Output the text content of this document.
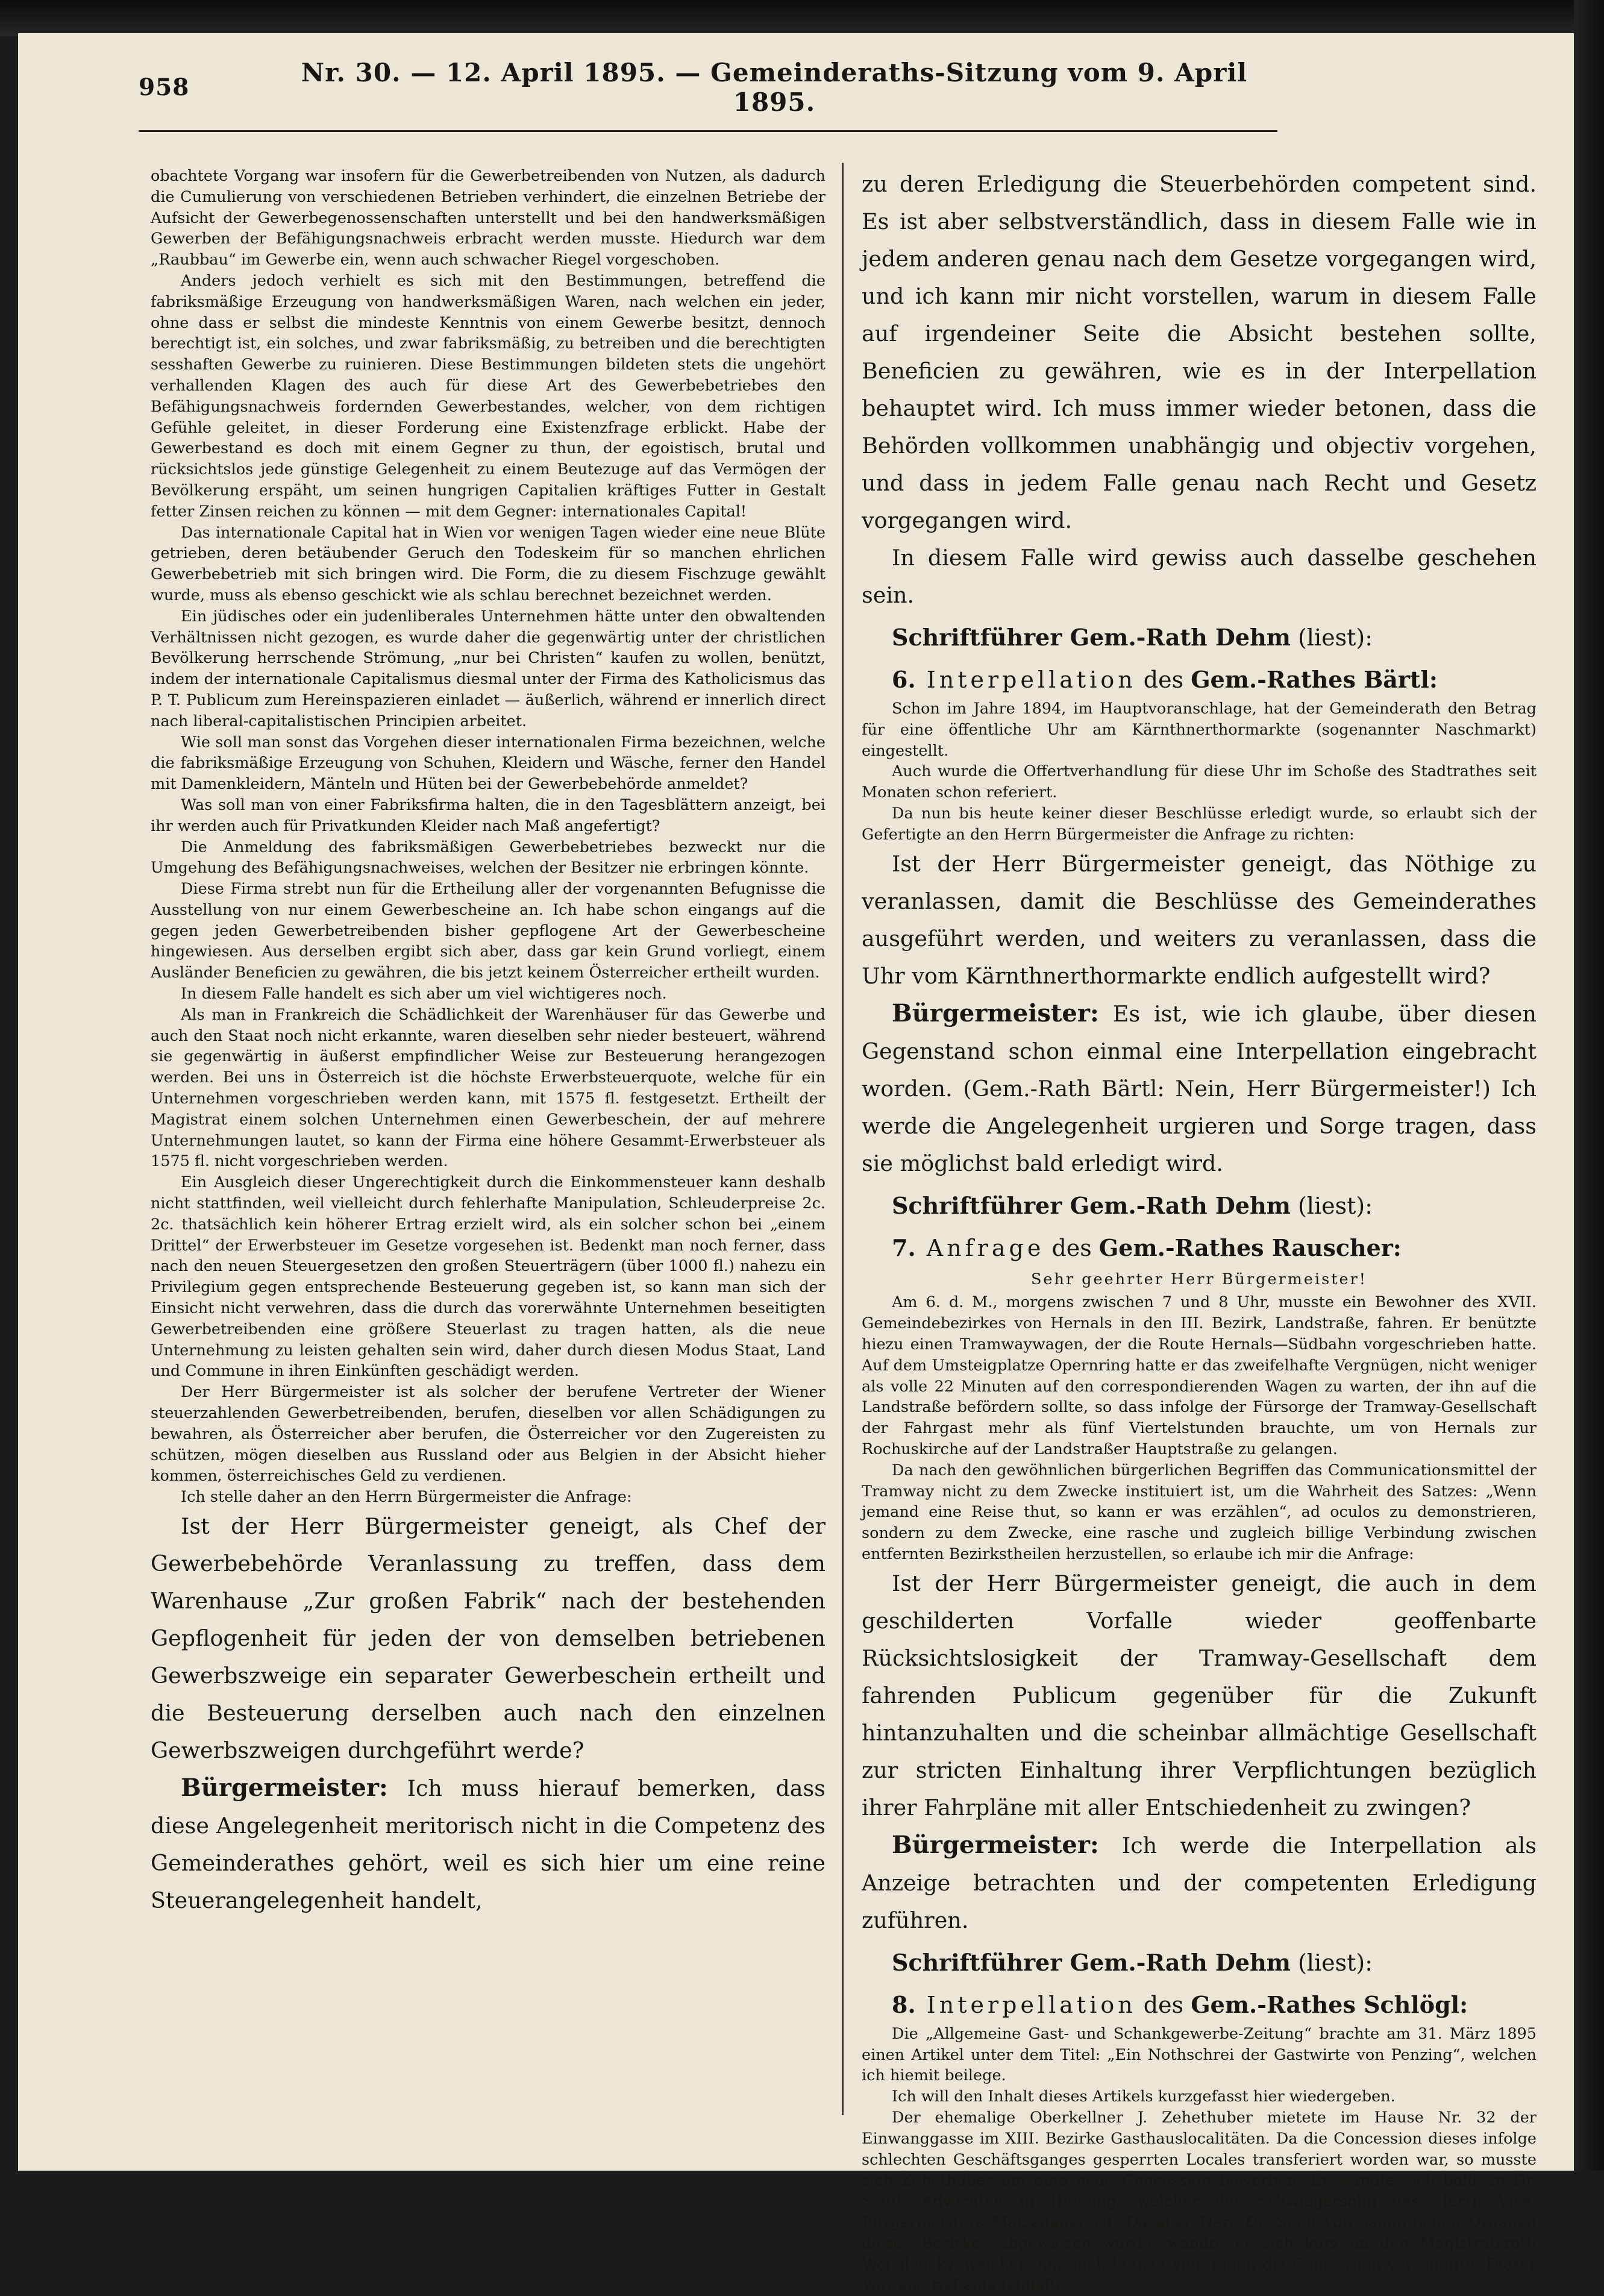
958	Nr. 30. — 12. April 1895. — Gemeinderaths-Sitzung vom 9. April 1895.

obachtete Vorgang war insofern für die Gewerbetreibenden von Nutzen, als dadurch die Cumulierung von verschiedenen Betrieben verhindert, die einzelnen Betriebe der Aufsicht der Gewerbegenossenschaften unterstellt und bei den handwerksmäßigen Gewerben der Befähigungsnachweis erbracht werden musste. Hiedurch war dem „Raubbau“ im Gewerbe ein, wenn auch schwacher Riegel vorgeschoben.

Anders jedoch verhielt es sich mit den Bestimmungen, betreffend die fabriksmäßige Erzeugung von handwerksmäßigen Waren, nach welchen ein jeder, ohne dass er selbst die mindeste Kenntnis von einem Gewerbe besitzt, dennoch berechtigt ist, ein solches, und zwar fabriksmäßig, zu betreiben und die berechtigten sesshaften Gewerbe zu ruinieren. Diese Bestimmungen bildeten stets die ungehört verhallenden Klagen des auch für diese Art des Gewerbebetriebes den Befähigungsnachweis fordernden Gewerbestandes, welcher, von dem richtigen Gefühle geleitet, in dieser Forderung eine Existenzfrage erblickt. Habe der Gewerbestand es doch mit einem Gegner zu thun, der egoistisch, brutal und rücksichtslos jede günstige Gelegenheit zu einem Beutezuge auf das Vermögen der Bevölkerung erspäht, um seinen hungrigen Capitalien kräftiges Futter in Gestalt fetter Zinsen reichen zu können — mit dem Gegner: internationales Capital!

Das internationale Capital hat in Wien vor wenigen Tagen wieder eine neue Blüte getrieben, deren betäubender Geruch den Todeskeim für so manchen ehrlichen Gewerbebetrieb mit sich bringen wird. Die Form, die zu diesem Fischzuge gewählt wurde, muss als ebenso geschickt wie als schlau berechnet bezeichnet werden.

Ein jüdisches oder ein judenliberales Unternehmen hätte unter den obwaltenden Verhältnissen nicht gezogen, es wurde daher die gegenwärtig unter der christlichen Bevölkerung herrschende Strömung, „nur bei Christen“ kaufen zu wollen, benützt, indem der internationale Capitalismus diesmal unter der Firma des Katholicismus das P. T. Publicum zum Hereinspazieren einladet — äußerlich, während er innerlich direct nach liberal-capitalistischen Principien arbeitet.

Wie soll man sonst das Vorgehen dieser internationalen Firma bezeichnen, welche die fabriksmäßige Erzeugung von Schuhen, Kleidern und Wäsche, ferner den Handel mit Damenkleidern, Mänteln und Hüten bei der Gewerbebehörde anmeldet?

Was soll man von einer Fabriksfirma halten, die in den Tagesblättern anzeigt, bei ihr werden auch für Privatkunden Kleider nach Maß angefertigt?

Die Anmeldung des fabriksmäßigen Gewerbebetriebes bezweckt nur die Umgehung des Befähigungsnachweises, welchen der Besitzer nie erbringen könnte.

Diese Firma strebt nun für die Ertheilung aller der vorgenannten Befugnisse die Ausstellung von nur einem Gewerbescheine an. Ich habe schon eingangs auf die gegen jeden Gewerbetreibenden bisher gepflogene Art der Gewerbescheine hingewiesen. Aus derselben ergibt sich aber, dass gar kein Grund vorliegt, einem Ausländer Beneficien zu gewähren, die bis jetzt keinem Österreicher ertheilt wurden.

In diesem Falle handelt es sich aber um viel wichtigeres noch.

Als man in Frankreich die Schädlichkeit der Warenhäuser für das Gewerbe und auch den Staat noch nicht erkannte, waren dieselben sehr nieder besteuert, während sie gegenwärtig in äußerst empfindlicher Weise zur Besteuerung herangezogen werden. Bei uns in Österreich ist die höchste Erwerbsteuerquote, welche für ein Unternehmen vorgeschrieben werden kann, mit 1575 fl. festgesetzt. Ertheilt der Magistrat einem solchen Unternehmen einen Gewerbeschein, der auf mehrere Unternehmungen lautet, so kann der Firma eine höhere Gesammt-Erwerbsteuer als 1575 fl. nicht vorgeschrieben werden.

Ein Ausgleich dieser Ungerechtigkeit durch die Einkommensteuer kann deshalb nicht stattfinden, weil vielleicht durch fehlerhafte Manipulation, Schleuderpreise 2c. 2c. thatsächlich kein höherer Ertrag erzielt wird, als ein solcher schon bei „einem Drittel“ der Erwerbsteuer im Gesetze vorgesehen ist. Bedenkt man noch ferner, dass nach den neuen Steuergesetzen den großen Steuerträgern (über 1000 fl.) nahezu ein Privilegium gegen entsprechende Besteuerung gegeben ist, so kann man sich der Einsicht nicht verwehren, dass die durch das vorerwähnte Unternehmen beseitigten Gewerbetreibenden eine größere Steuerlast zu tragen hatten, als die neue Unternehmung zu leisten gehalten sein wird, daher durch diesen Modus Staat, Land und Commune in ihren Einkünften geschädigt werden.

Der Herr Bürgermeister ist als solcher der berufene Vertreter der Wiener steuerzahlenden Gewerbetreibenden, berufen, dieselben vor allen Schädigungen zu bewahren, als Österreicher aber berufen, die Österreicher vor den Zugereisten zu schützen, mögen dieselben aus Russland oder aus Belgien in der Absicht hieher kommen, österreichisches Geld zu verdienen.

Ich stelle daher an den Herrn Bürgermeister die Anfrage:

Ist der Herr Bürgermeister geneigt, als Chef der Gewerbebehörde Veranlassung zu treffen, dass dem Warenhause „Zur großen Fabrik“ nach der bestehenden Gepflogenheit für jeden der von demselben betriebenen Gewerbszweige ein separater Gewerbeschein ertheilt und die Besteuerung derselben auch nach den einzelnen Gewerbszweigen durchgeführt werde?

Bürgermeister: Ich muss hierauf bemerken, dass diese Angelegenheit meritorisch nicht in die Competenz des Gemeinderathes gehört, weil es sich hier um eine reine Steuerangelegenheit handelt,

zu deren Erledigung die Steuerbehörden competent sind. Es ist aber selbstverständlich, dass in diesem Falle wie in jedem anderen genau nach dem Gesetze vorgegangen wird, und ich kann mir nicht vorstellen, warum in diesem Falle auf irgendeiner Seite die Absicht bestehen sollte, Beneficien zu gewähren, wie es in der Interpellation behauptet wird. Ich muss immer wieder betonen, dass die Behörden vollkommen unabhängig und objectiv vorgehen, und dass in jedem Falle genau nach Recht und Gesetz vorgegangen wird.

In diesem Falle wird gewiss auch dasselbe geschehen sein.

Schriftführer Gem.-Rath Dehm (liest):

6. Interpellation des Gem.-Rathes Bärtl:

Schon im Jahre 1894, im Hauptvoranschlage, hat der Gemeinderath den Betrag für eine öffentliche Uhr am Kärnthnerthormarkte (sogenannter Naschmarkt) eingestellt.

Auch wurde die Offertverhandlung für diese Uhr im Schoße des Stadtrathes seit Monaten schon referiert.

Da nun bis heute keiner dieser Beschlüsse erledigt wurde, so erlaubt sich der Gefertigte an den Herrn Bürgermeister die Anfrage zu richten:

Ist der Herr Bürgermeister geneigt, das Nöthige zu veranlassen, damit die Beschlüsse des Gemeinderathes ausgeführt werden, und weiters zu veranlassen, dass die Uhr vom Kärnthnerthormarkte endlich aufgestellt wird?

Bürgermeister: Es ist, wie ich glaube, über diesen Gegenstand schon einmal eine Interpellation eingebracht worden. (Gem.-Rath Bärtl: Nein, Herr Bürgermeister!) Ich werde die Angelegenheit urgieren und Sorge tragen, dass sie möglichst bald erledigt wird.

Schriftführer Gem.-Rath Dehm (liest):

7. Anfrage des Gem.-Rathes Rauscher:

Sehr geehrter Herr Bürgermeister!

Am 6. d. M., morgens zwischen 7 und 8 Uhr, musste ein Bewohner des XVII. Gemeindebezirkes von Hernals in den III. Bezirk, Landstraße, fahren. Er benützte hiezu einen Tramwaywagen, der die Route Hernals—Südbahn vorgeschrieben hatte. Auf dem Umsteigplatze Opernring hatte er das zweifelhafte Vergnügen, nicht weniger als volle 22 Minuten auf den correspondierenden Wagen zu warten, der ihn auf die Landstraße befördern sollte, so dass infolge der Fürsorge der Tramway-Gesellschaft der Fahrgast mehr als fünf Viertelstunden brauchte, um von Hernals zur Rochuskirche auf der Landstraßer Hauptstraße zu gelangen.

Da nach den gewöhnlichen bürgerlichen Begriffen das Communicationsmittel der Tramway nicht zu dem Zwecke instituiert ist, um die Wahrheit des Satzes: „Wenn jemand eine Reise thut, so kann er was erzählen“, ad oculos zu demonstrieren, sondern zu dem Zwecke, eine rasche und zugleich billige Verbindung zwischen entfernten Bezirkstheilen herzustellen, so erlaube ich mir die Anfrage:

Ist der Herr Bürgermeister geneigt, die auch in dem geschilderten Vorfalle wieder geoffenbarte Rücksichtslosigkeit der Tramway-Gesellschaft dem fahrenden Publicum gegenüber für die Zukunft hintanzuhalten und die scheinbar allmächtige Gesellschaft zur stricten Einhaltung ihrer Verpflichtungen bezüglich ihrer Fahrpläne mit aller Entschiedenheit zu zwingen?

Bürgermeister: Ich werde die Interpellation als Anzeige betrachten und der competenten Erledigung zuführen.

Schriftführer Gem.-Rath Dehm (liest):

8. Interpellation des Gem.-Rathes Schlögl:

Die „Allgemeine Gast- und Schankgewerbe-Zeitung“ brachte am 31. März 1895 einen Artikel unter dem Titel: „Ein Nothschrei der Gastwirte von Penzing“, welchen ich hiemit beilege.

Ich will den Inhalt dieses Artikels kurzgefasst hier wiedergeben.

Der ehemalige Oberkellner J. Zehethuber mietete im Hause Nr. 32 der Einwanggasse im XIII. Bezirke Gasthauslocalitäten. Da die Concession dieses infolge schlechten Geschäftsganges gesperrten Locales transferiert worden war, so musste sich Zehethuber um eine neue Concession bewerben. Er wandte sich bald an Dr. Seidl, Advocaten in Hietzing, welcher der Schwiegersohn des Herrn Vice-Bürgermeisters Matzenauer ist. Da aber Herr Dr. Seidl von sämmtlichen Organen dieses Bezirkes abgewiesen wurde, wandte er sich kurz an den Magistratsrath Wopalensky, welcher ihm auch binnen vier Tagen die Concession verschaffte. Dieser Vorgang rief eine lebhafte
